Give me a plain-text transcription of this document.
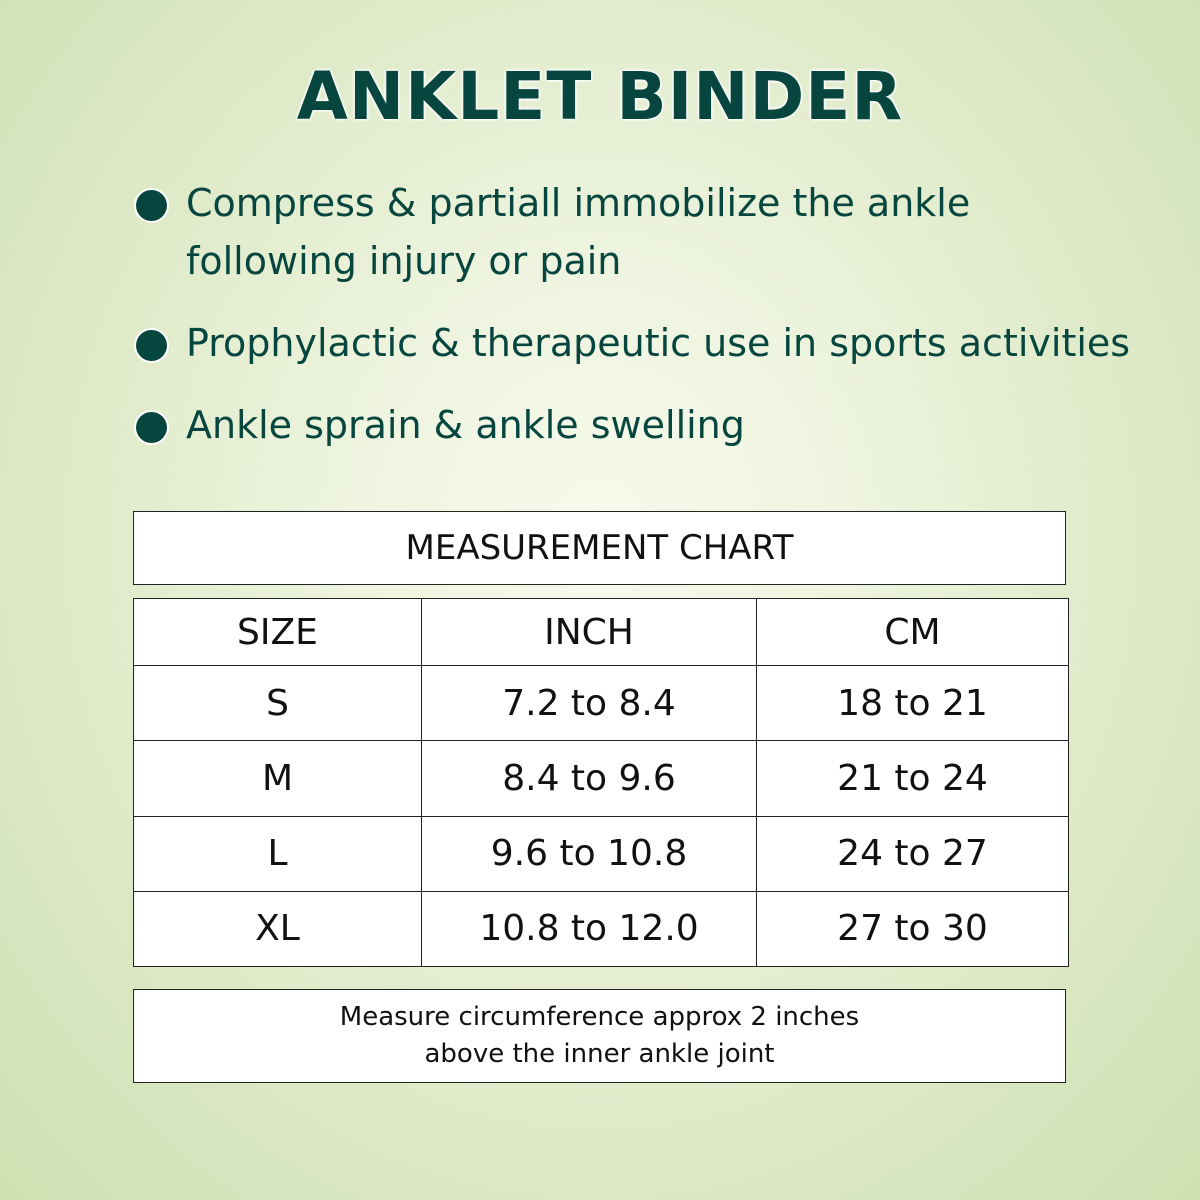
ANKLET BINDER
Compress & partiall immobilize the ankle
following injury or pain
Prophylactic & therapeutic use in sports activities
Ankle sprain & ankle swelling
MEASUREMENT CHART
SIZE	INCH	CM
S	7.2 to 8.4	18 to 21
M	8.4 to 9.6	21 to 24
L	9.6 to 10.8	24 to 27
XL	10.8 to 12.0	27 to 30
Measure circumference approx 2 inches
above the inner ankle joint
